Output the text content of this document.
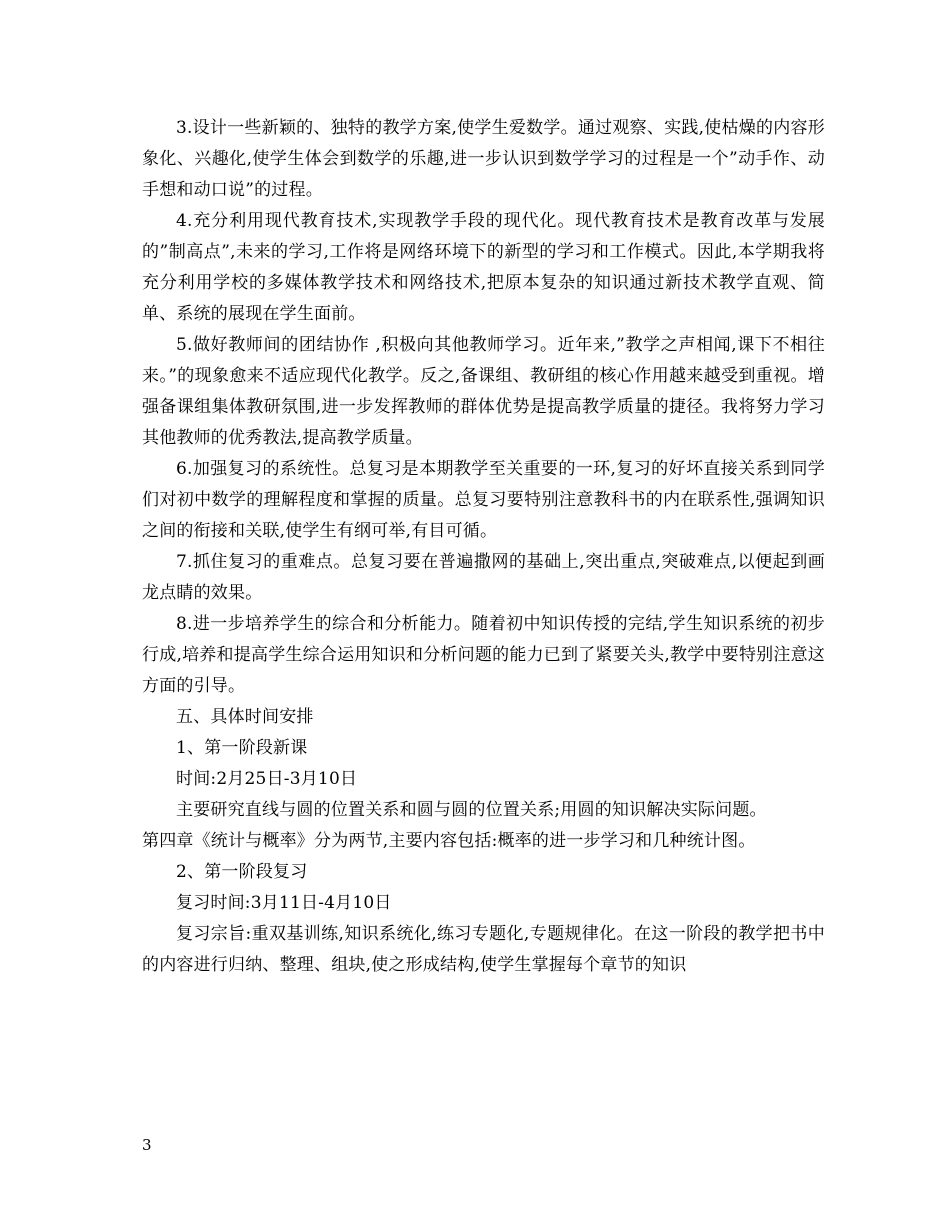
3.设计一些新颖的、独特的教学方案,使学生爱数学。通过观察、实践,使枯燥的内容形象化、兴趣化,使学生体会到数学的乐趣,进一步认识到数学学习的过程是一个”动手作、动手想和动口说”的过程。

4.充分利用现代教育技术,实现教学手段的现代化。现代教育技术是教育改革与发展的”制高点”,未来的学习,工作将是网络环境下的新型的学习和工作模式。因此,本学期我将充分利用学校的多媒体教学技术和网络技术,把原本复杂的知识通过新技术教学直观、简单、系统的展现在学生面前。

5.做好教师间的团结协作 ,积极向其他教师学习。近年来,”教学之声相闻,课下不相往来。”的现象愈来不适应现代化教学。反之,备课组、教研组的核心作用越来越受到重视。增强备课组集体教研氛围,进一步发挥教师的群体优势是提高教学质量的捷径。我将努力学习其他教师的优秀教法,提高教学质量。

6.加强复习的系统性。总复习是本期教学至关重要的一环,复习的好坏直接关系到同学们对初中数学的理解程度和掌握的质量。总复习要特别注意教科书的内在联系性,强调知识之间的衔接和关联,使学生有纲可举,有目可循。

7.抓住复习的重难点。总复习要在普遍撒网的基础上,突出重点,突破难点,以便起到画龙点睛的效果。

8.进一步培养学生的综合和分析能力。随着初中知识传授的完结,学生知识系统的初步行成,培养和提高学生综合运用知识和分析问题的能力已到了紧要关头,教学中要特别注意这方面的引导。

五、具体时间安排

1、第一阶段新课

时间:2月25日-3月10日

主要研究直线与圆的位置关系和圆与圆的位置关系;用圆的知识解决实际问题。

第四章《统计与概率》分为两节,主要内容包括:概率的进一步学习和几种统计图。

2、第一阶段复习

复习时间:3月11日-4月10日

复习宗旨:重双基训练,知识系统化,练习专题化,专题规律化。在这一阶段的教学把书中的内容进行归纳、整理、组块,使之形成结构,使学生掌握每个章节的知识

3
